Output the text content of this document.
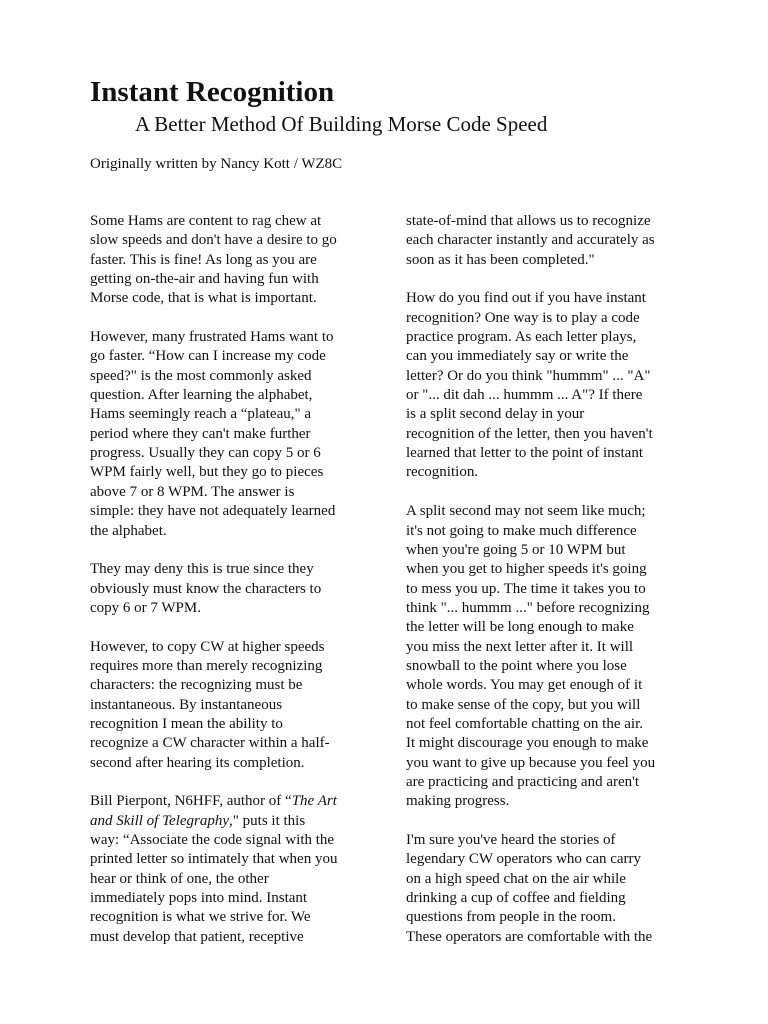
Instant Recognition
A Better Method Of Building Morse Code Speed

Originally written by Nancy Kott / WZ8C

Some Hams are content to rag chew at
slow speeds and don't have a desire to go
faster. This is fine! As long as you are
getting on-the-air and having fun with
Morse code, that is what is important.

However, many frustrated Hams want to
go faster. “How can I increase my code
speed?" is the most commonly asked
question. After learning the alphabet,
Hams seemingly reach a “plateau," a
period where they can't make further
progress. Usually they can copy 5 or 6
WPM fairly well, but they go to pieces
above 7 or 8 WPM. The answer is
simple: they have not adequately learned
the alphabet.

They may deny this is true since they
obviously must know the characters to
copy 6 or 7 WPM.

However, to copy CW at higher speeds
requires more than merely recognizing
characters: the recognizing must be
instantaneous. By instantaneous
recognition I mean the ability to
recognize a CW character within a half-
second after hearing its completion.

Bill Pierpont, N6HFF, author of “The Art
and Skill of Telegraphy," puts it this
way: “Associate the code signal with the
printed letter so intimately that when you
hear or think of one, the other
immediately pops into mind. Instant
recognition is what we strive for. We
must develop that patient, receptive

state-of-mind that allows us to recognize
each character instantly and accurately as
soon as it has been completed."

How do you find out if you have instant
recognition? One way is to play a code
practice program. As each letter plays,
can you immediately say or write the
letter? Or do you think "hummm" ... "A"
or "... dit dah ... hummm ... A"? If there
is a split second delay in your
recognition of the letter, then you haven't
learned that letter to the point of instant
recognition.

A split second may not seem like much;
it's not going to make much difference
when you're going 5 or 10 WPM but
when you get to higher speeds it's going
to mess you up. The time it takes you to
think "... hummm ..." before recognizing
the letter will be long enough to make
you miss the next letter after it. It will
snowball to the point where you lose
whole words. You may get enough of it
to make sense of the copy, but you will
not feel comfortable chatting on the air.
It might discourage you enough to make
you want to give up because you feel you
are practicing and practicing and aren't
making progress.

I'm sure you've heard the stories of
legendary CW operators who can carry
on a high speed chat on the air while
drinking a cup of coffee and fielding
questions from people in the room.
These operators are comfortable with the
